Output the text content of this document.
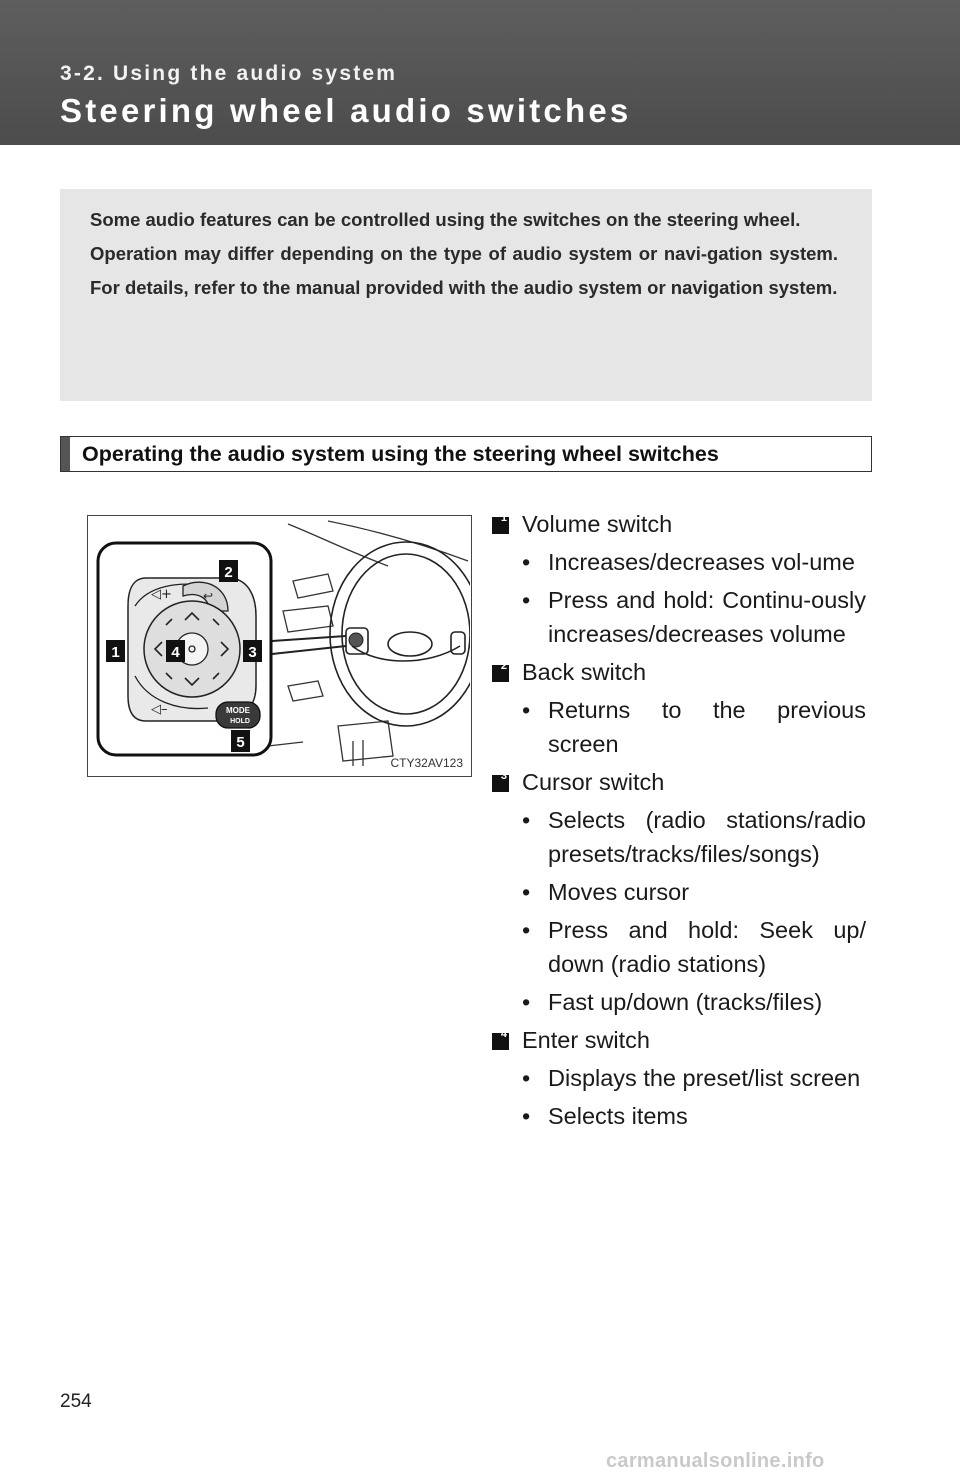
3-2. Using the audio system
Steering wheel audio switches
Some audio features can be controlled using the switches on the steering wheel.
Operation may differ depending on the type of audio system or navi-gation system. For details, refer to the manual provided with the audio system or navigation system.
Operating the audio system using the steering wheel switches
◁+
◁–
↩
MODE
HOLD
2
1	4	3
5
CTY32AV123
1 Volume switch
• Increases/decreases vol-ume
• Press and hold: Continu-ously increases/decreases volume
2 Back switch
• Returns to the previous screen
3 Cursor switch
• Selects (radio stations/radio presets/tracks/files/songs)
• Moves cursor
• Press and hold: Seek up/ down (radio stations)
• Fast up/down (tracks/files)
4 Enter switch
• Displays the preset/list screen
• Selects items
254
carmanualsonline.info
